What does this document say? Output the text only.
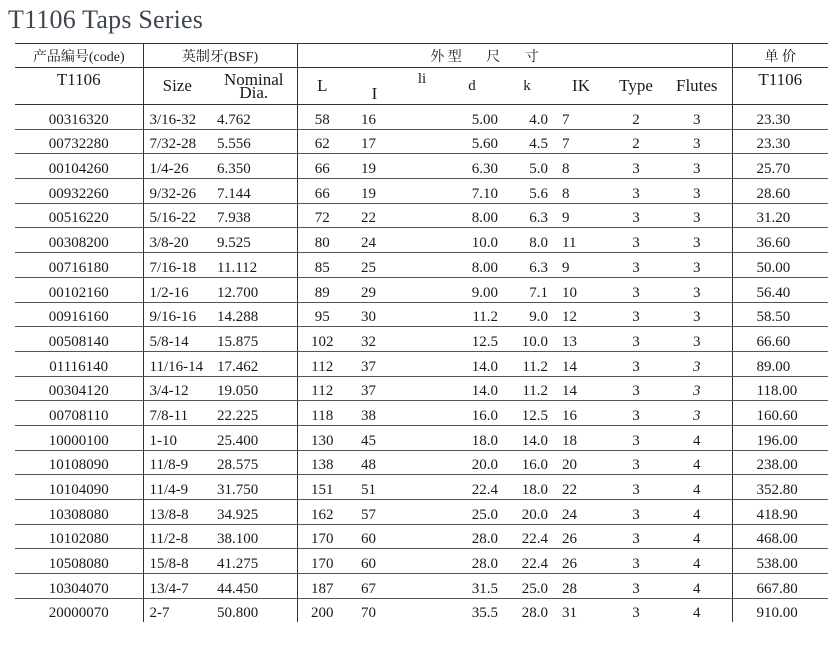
T1106 Taps Series
产品编号(code)	英制牙(BSF)		外 型       尺       寸								单 价
T1106	Size	Nominal Dia.	L	I	li	d	k	IK	Type	Flutes	T1106
00316320	3/16-32	4.762	58	16		5.00	4.0	7	2	3	23.30
00732280	7/32-28	5.556	62	17		5.60	4.5	7	2	3	23.30
00104260	1/4-26	6.350	66	19		6.30	5.0	8	3	3	25.70
00932260	9/32-26	7.144	66	19		7.10	5.6	8	3	3	28.60
00516220	5/16-22	7.938	72	22		8.00	6.3	9	3	3	31.20
00308200	3/8-20	9.525	80	24		10.0	8.0	11	3	3	36.60
00716180	7/16-18	11.112	85	25		8.00	6.3	9	3	3	50.00
00102160	1/2-16	12.700	89	29		9.00	7.1	10	3	3	56.40
00916160	9/16-16	14.288	95	30		11.2	9.0	12	3	3	58.50
00508140	5/8-14	15.875	102	32		12.5	10.0	13	3	3	66.60
01116140	11/16-14	17.462	112	37		14.0	11.2	14	3	3	89.00
00304120	3/4-12	19.050	112	37		14.0	11.2	14	3	3	118.00
00708110	7/8-11	22.225	118	38		16.0	12.5	16	3	3	160.60
10000100	1-10	25.400	130	45		18.0	14.0	18	3	4	196.00
10108090	11/8-9	28.575	138	48		20.0	16.0	20	3	4	238.00
10104090	11/4-9	31.750	151	51		22.4	18.0	22	3	4	352.80
10308080	13/8-8	34.925	162	57		25.0	20.0	24	3	4	418.90
10102080	11/2-8	38.100	170	60		28.0	22.4	26	3	4	468.00
10508080	15/8-8	41.275	170	60		28.0	22.4	26	3	4	538.00
10304070	13/4-7	44.450	187	67		31.5	25.0	28	3	4	667.80
20000070	2-7	50.800	200	70		35.5	28.0	31	3	4	910.00
